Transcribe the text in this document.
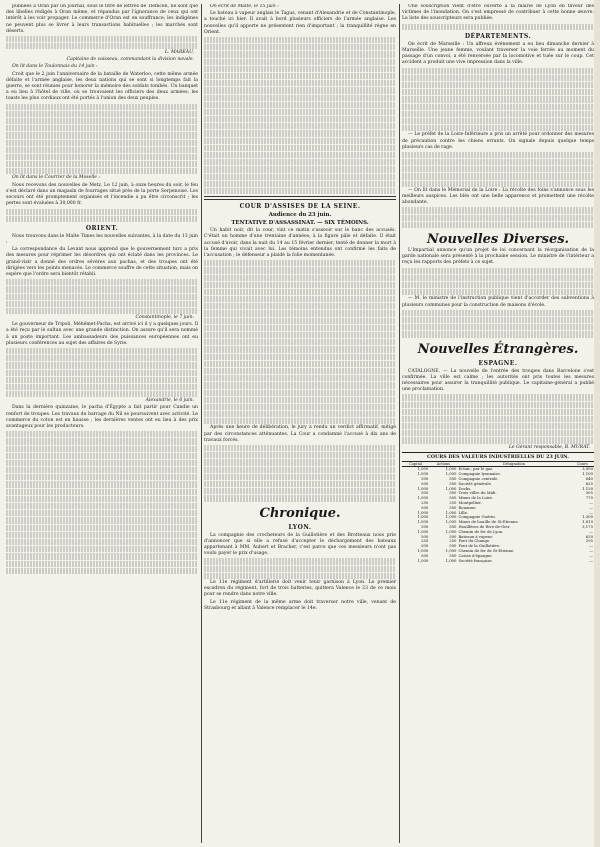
publiées à Oran par un journal, sous le titre de lettres de Tlemcen, ne sont que des libelles rédigés à Oran même, et répandus par l'ignorance de ceux qui ont intérêt à les voir propager. Le commerce d'Oran est en souffrance; les indigènes ne peuvent plus se livrer à leurs transactions habituelles ; les marchés sont déserts.

L. MAREAU,
Capitaine de vaisseau, commandant la division navale.

On lit dans le Toulonnais du 14 juin :

Croit que le 2 juin l'anniversaire de la bataille de Waterloo, cette même armée défaite et l'armée anglaise, les deux nations qui se sont si longtemps fait la guerre, se sont réunies pour honorer la mémoire des soldats tombés. Un banquet a eu lieu à l'hôtel de ville, où se trouvaient les officiers des deux armées; les toasts les plus cordiaux ont été portés à l'union des deux peuples.

On lit dans le Courrier de la Moselle :

Nous recevons des nouvelles de Metz. Le 12 juin, à onze heures du soir, le feu s'est déclaré dans un magasin de fourrages situé près de la porte Serpenoise. Les secours ont été promptement organisés et l'incendie a pu être circonscrit ; les pertes sont évaluées à 30,000 fr.

ORIENT.

Nous trouvons dans le Malte Times les nouvelles suivantes, à la date du 13 juin :

La correspondance du Levant nous apprend que le gouvernement turc a pris des mesures pour réprimer les désordres qui ont éclaté dans les provinces. Le grand-vizir a donné des ordres sévères aux pachas, et des troupes ont été dirigées vers les points menacés. Le commerce souffre de cette situation, mais on espère que l'ordre sera bientôt rétabli.

Constantinople, le 7 juin.

Le gouverneur de Tripoli, Méhémet-Pacha, est arrivé ici il y a quelques jours. Il a été reçu par le sultan avec une grande distinction. On assure qu'il sera nommé à un poste important. Les ambassadeurs des puissances européennes ont eu plusieurs conférences au sujet des affaires de Syrie.

Alexandrie, le 6 juin.

Dans la dernière quinzaine, le pacha d'Égypte a fait partir pour Candie un renfort de troupes. Les travaux du barrage du Nil se poursuivent avec activité. Le commerce du coton est en hausse ; les dernières ventes ont eu lieu à des prix avantageux pour les producteurs.

On écrit de Malte, le 15 juin :

Le bateau à vapeur anglais le Tagus, venant d'Alexandrie et de Constantinople, a touché ici hier. Il avait à bord plusieurs officiers de l'armée anglaise. Les nouvelles qu'il apporte ne présentent rien d'important ; la tranquillité règne en Orient.

COUR D'ASSISES DE LA SEINE.
Audience du 23 juin.
TENTATIVE D'ASSASSINAT. — SIX TÉMOINS.

Un habit noir, dit la cour, vint ce matin s'asseoir sur le banc des accusés. C'était un homme d'une trentaine d'années, à la figure pâle et défaite. Il était accusé d'avoir, dans la nuit du 14 au 15 février dernier, tenté de donner la mort à la femme qui vivait avec lui. Les témoins entendus ont confirmé les faits de l'accusation ; le défenseur a plaidé la folie momentanée.

Après une heure de délibération, le jury a rendu un verdict affirmatif, mitigé par des circonstances atténuantes. La Cour a condamné l'accusé à dix ans de travaux forcés.

Chronique.
LYON.

La compagnie des crocheteurs de la Guillotière et des Brotteaux nous prie d'annoncer que si elle a refusé d'accepter le déchargement des bateaux appartenant à MM. Aubert et Bracher, c'est parce que ces messieurs n'ont pas voulu payer le prix d'usage.

Le 11e régiment d'artillerie doit venir tenir garnison à Lyon. Le premier escadron du régiment, fort de trois batteries, quittera Valence le 23 de ce mois pour se rendre dans notre ville.

Le 11e régiment de la même arme doit traverser notre ville, venant de Strasbourg et allant à Valence remplacer le 14e.

Une souscription vient d'être ouverte à la mairie de Lyon en faveur des victimes de l'inondation. On s'est empressé de contribuer à cette bonne œuvre. La liste des souscripteurs sera publiée.

DÉPARTEMENTS.

On écrit de Marseille : Un affreux événement a eu lieu dimanche dernier à Marseille. Une jeune femme, voulant traverser la voie ferrée au moment du passage d'un convoi, a été renversée par la locomotive et tuée sur le coup. Cet accident a produit une vive impression dans la ville.

— Le préfet de la Loire-Inférieure a pris un arrêté pour ordonner des mesures de précaution contre les chiens errants. On signale depuis quelque temps plusieurs cas de rage.

— On lit dans le Mémorial de la Loire : La récolte des foins s'annonce sous les meilleurs auspices. Les blés ont une belle apparence et promettent une récolte abondante.

Nouvelles Diverses.

L'Impartial annonce qu'un projet de loi concernant la réorganisation de la garde nationale sera présenté à la prochaine session. Le ministre de l'intérieur a reçu les rapports des préfets à ce sujet.

— M. le ministre de l'instruction publique vient d'accorder des subventions à plusieurs communes pour la construction de maisons d'école.

Nouvelles Étrangères.
ESPAGNE.

CATALOGNE. — La nouvelle de l'entrée des troupes dans Barcelone s'est confirmée. La ville est calme ; les autorités ont pris toutes les mesures nécessaires pour assurer la tranquillité publique. Le capitaine-général a publié une proclamation.

Le Gérant responsable, B. MURAT.
COURS DES VALEURS INDUSTRIELLES DU 23 JUIN.
Capital	Actions	Désignation	Cours
1,000	1,000	Éclair., par le gaz.	3,000
1,000	1,000	Compagnie lyonnaise.	1,100
500	500	Compagnie centrale.	640
500	500	Société générale.	625
1,000	1,000	Docks.	1,150
500	500	Trois villes du Midi.	505
1,000	500	Mines de la Loire.	770
250	250	Montpellier.	—
500	500	Rouanne.	—
1,000	1,000	Lille.	—
1,000	1,000	Compagnie Guérin.	1,300
1,000	1,000	Mines de houille de St-Étienne.	1,810
500	500	Houillères de Rive-de-Gier.	3,175
1,000	1,000	Chemin de fer de Lyon.	—
500	500	Bateaux à vapeur.	620
250	250	Pont du Change.	295
500	500	Pont de la Guillotière.	—
1,000	1,000	Chemin de fer de St-Étienne.	—
500	500	Caisse d'épargne.	—
1,000	1,000	Société française.	—
